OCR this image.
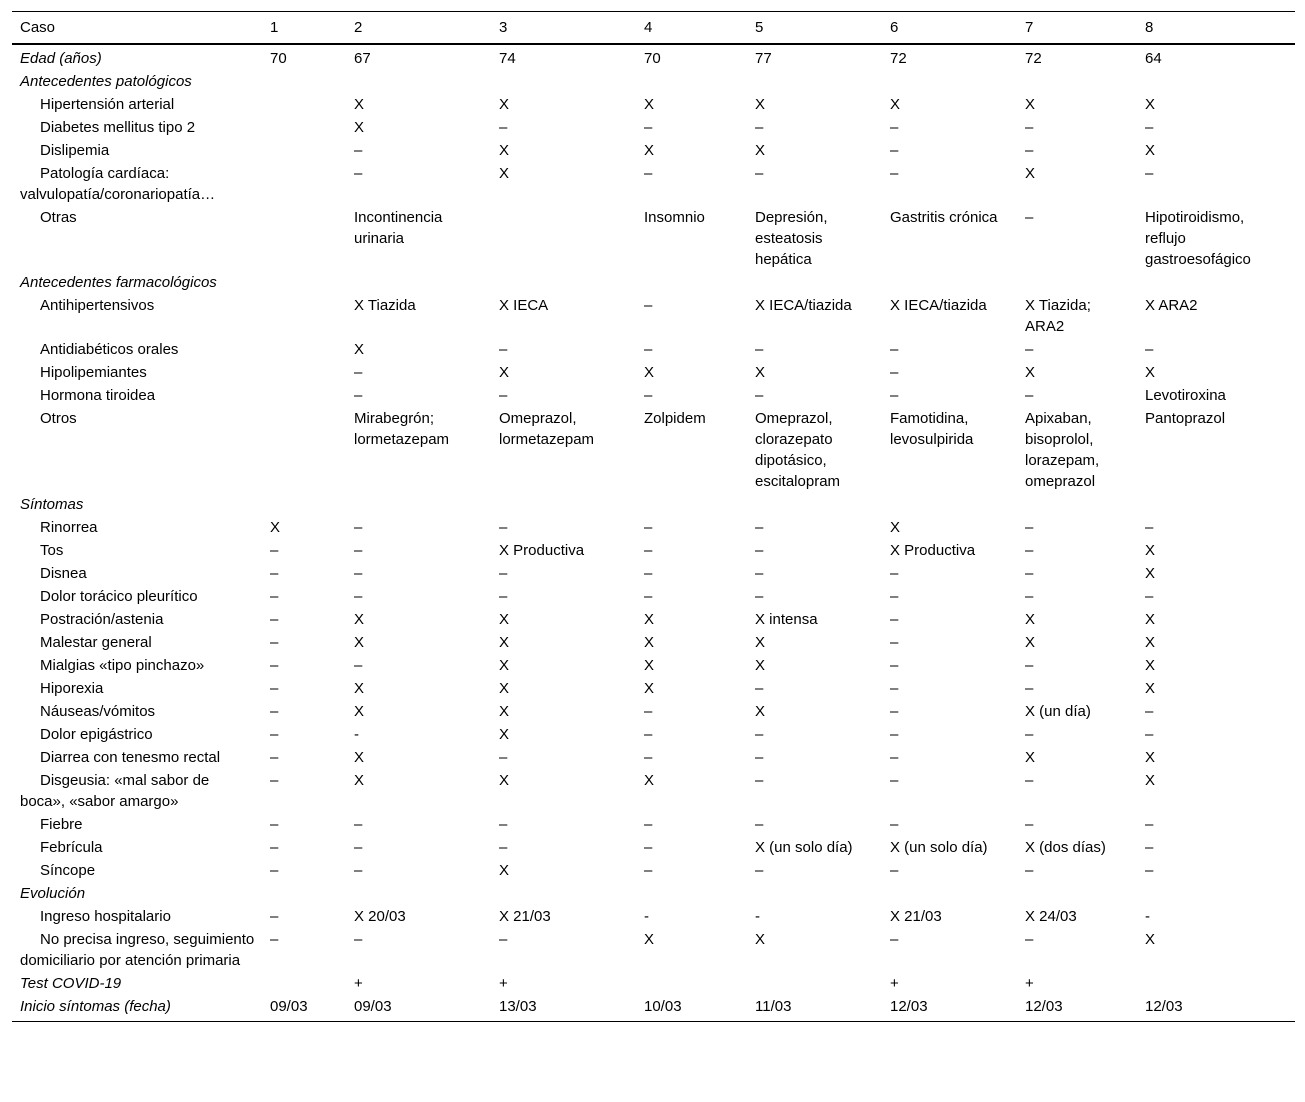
Caso	1	2	3	4	5	6	7	8
Edad (años)	70	67	74	70	77	72	72	64
Antecedentes patológicos								
Hipertensión arterial		X	X	X	X	X	X	X
Diabetes mellitus tipo 2		X	–	–	–	–	–	–
Dislipemia		–	X	X	X	–	–	X
Patología cardíaca: valvulopatía/coronariopatía…		–	X	–	–	–	X	–
Otras		Incontinencia urinaria		Insomnio	Depresión, esteatosis hepática	Gastritis crónica	–	Hipotiroidismo, reflujo gastroesofágico
Antecedentes farmacológicos								
Antihipertensivos		X Tiazida	X IECA	–	X IECA/tiazida	X IECA/tiazida	X Tiazida; ARA2	X ARA2
Antidiabéticos orales		X	–	–	–	–	–	–
Hipolipemiantes		–	X	X	X	–	X	X
Hormona tiroidea		–	–	–	–	–	–	Levotiroxina
Otros		Mirabegrón; lormetazepam	Omeprazol, lormetazepam	Zolpidem	Omeprazol, clorazepato dipotásico, escitalopram	Famotidina, levosulpirida	Apixaban, bisoprolol, lorazepam, omeprazol	Pantoprazol
Síntomas								
Rinorrea	X	–	–	–	–	X	–	–
Tos	–	–	X Productiva	–	–	X Productiva	–	X
Disnea	–	–	–	–	–	–	–	X
Dolor torácico pleurítico	–	–	–	–	–	–	–	–
Postración/astenia	–	X	X	X	X intensa	–	X	X
Malestar general	–	X	X	X	X	–	X	X
Mialgias «tipo pinchazo»	–	–	X	X	X	–	–	X
Hiporexia	–	X	X	X	–	–	–	X
Náuseas/vómitos	–	X	X	–	X	–	X (un día)	–
Dolor epigástrico	–	-	X	–	–	–	–	–
Diarrea con tenesmo rectal	–	X	–	–	–	–	X	X
Disgeusia: «mal sabor de boca», «sabor amargo»	–	X	X	X	–	–	–	X
Fiebre	–	–	–	–	–	–	–	–
Febrícula	–	–	–	–	X (un solo día)	X (un solo día)	X (dos días)	–
Síncope	–	–	X	–	–	–	–	–
Evolución								
Ingreso hospitalario	–	X 20/03	X 21/03	-	-	X 21/03	X 24/03	-
No precisa ingreso, seguimiento domiciliario por atención primaria	–	–	–	X	X	–	–	X
Test COVID-19		+	+			+	+	
Inicio síntomas (fecha)	09/03	09/03	13/03	10/03	11/03	12/03	12/03	12/03
